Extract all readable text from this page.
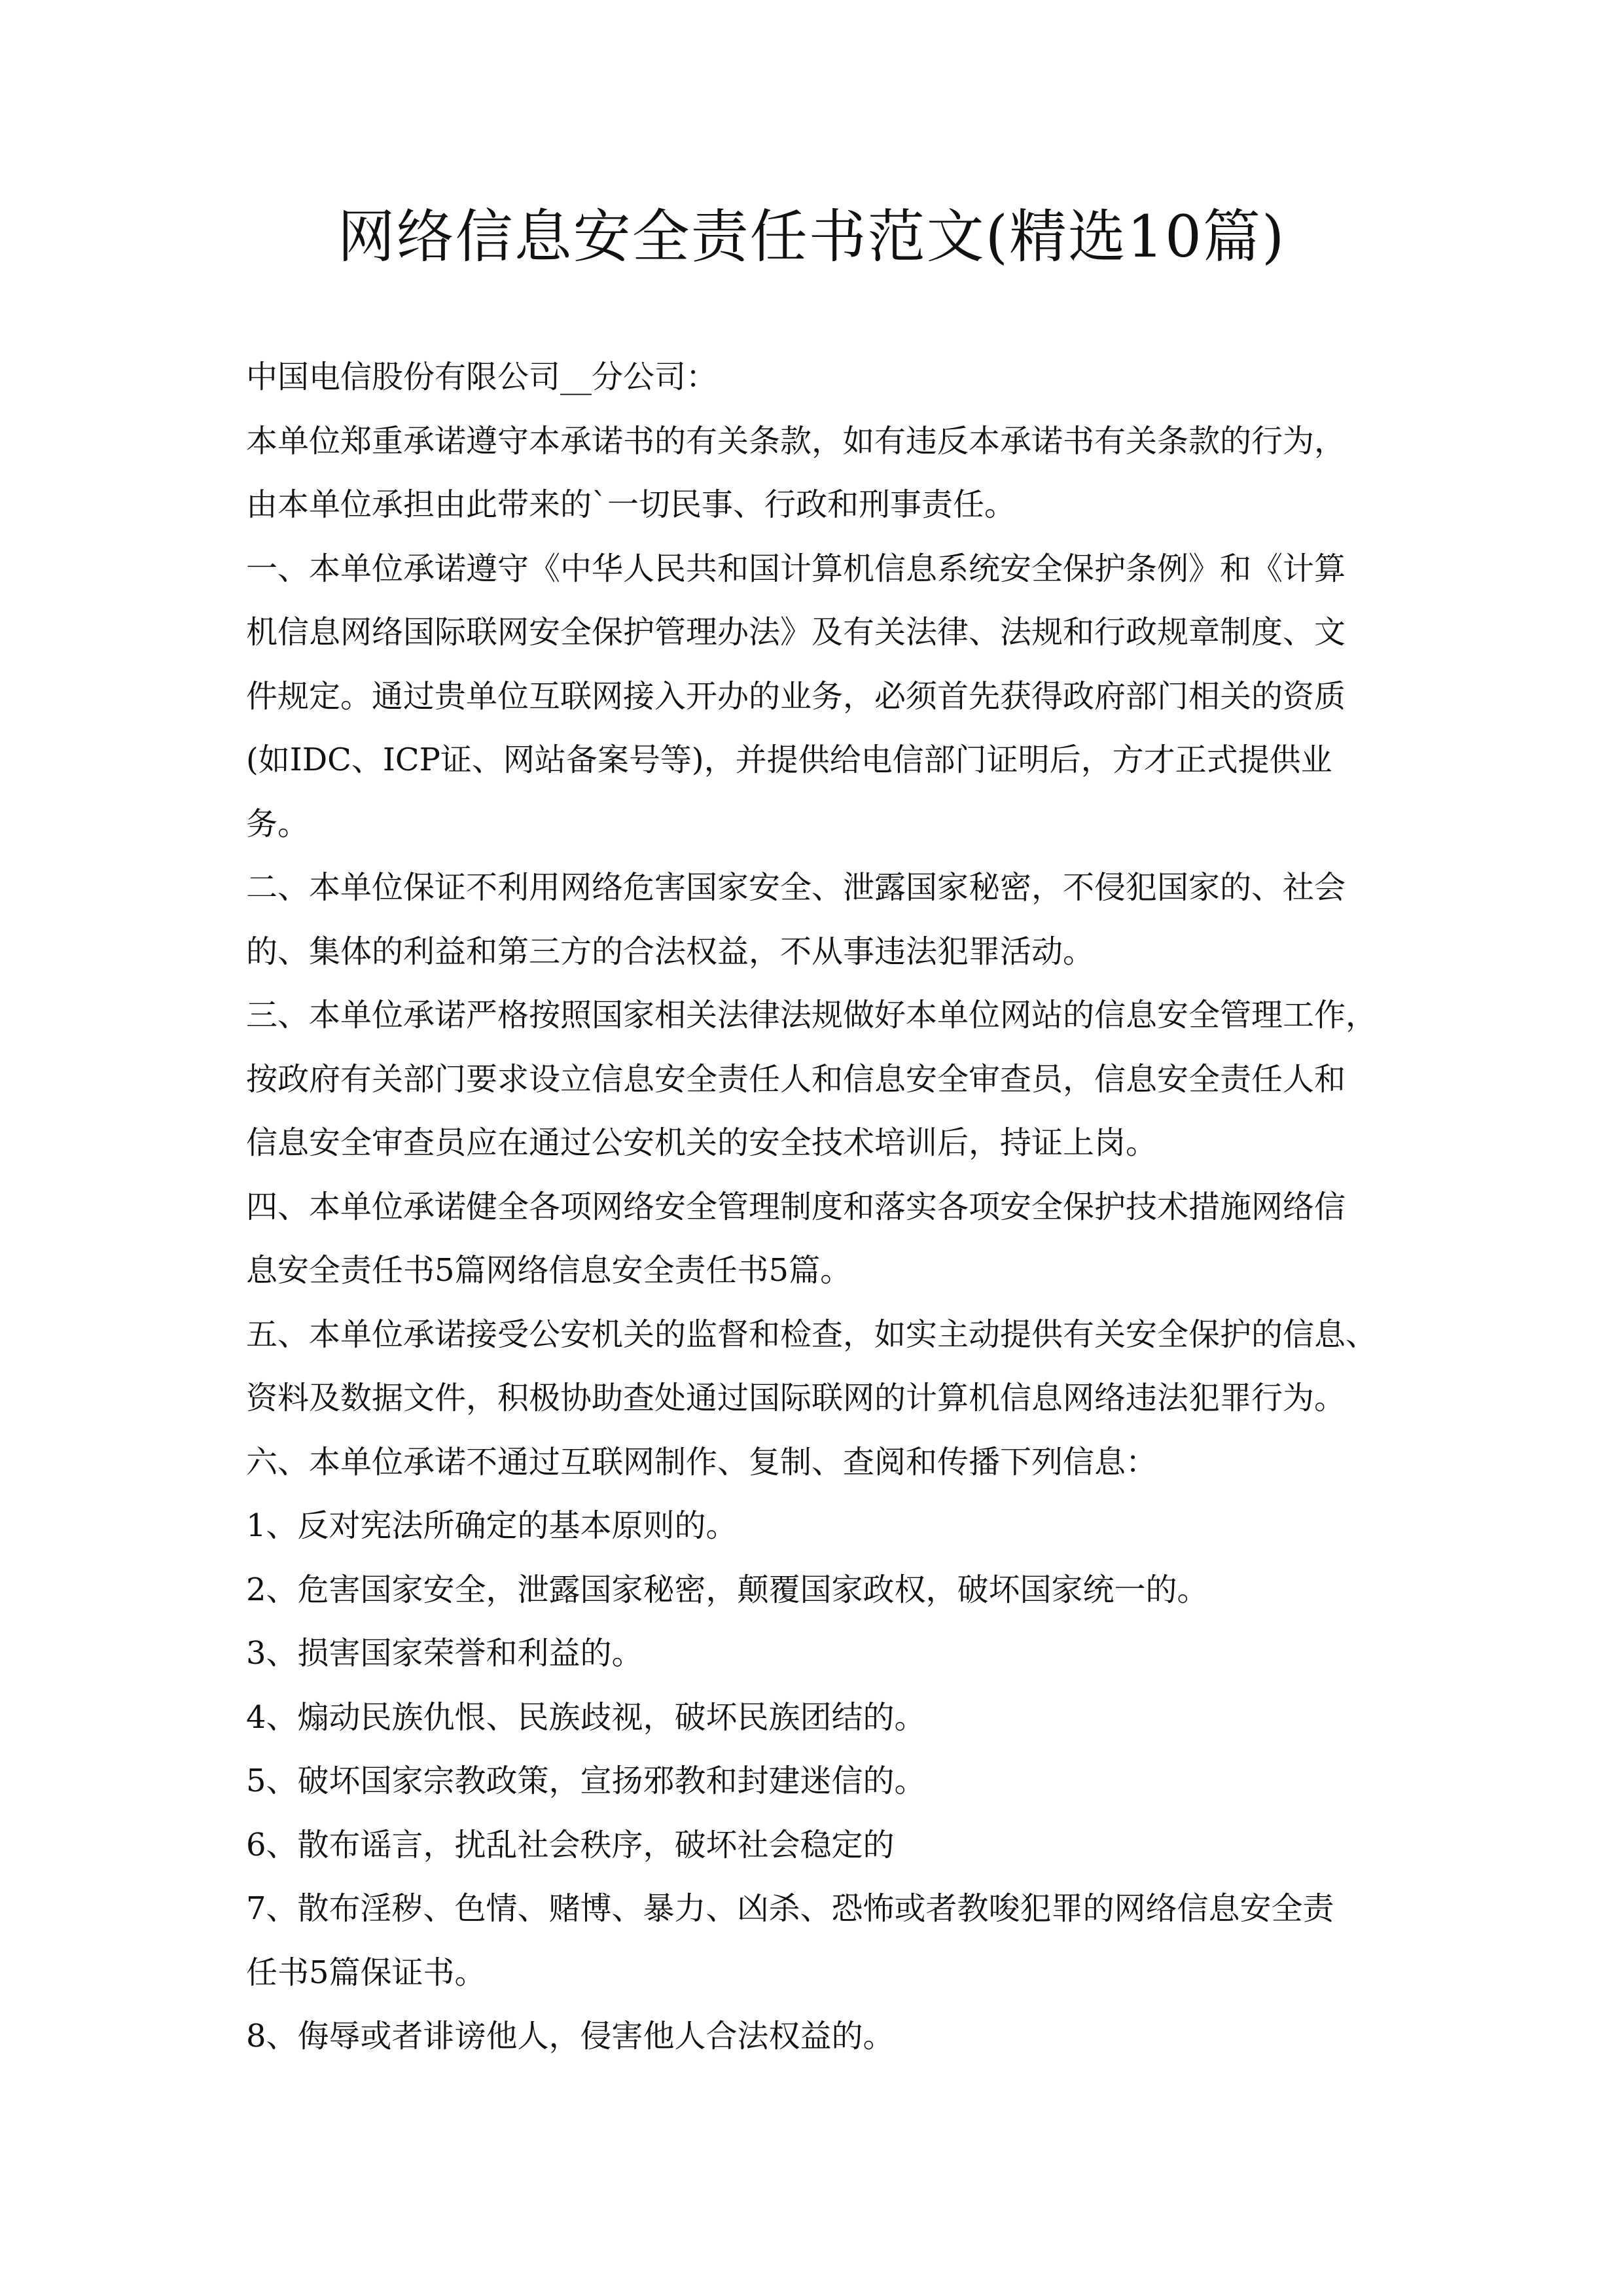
网络信息安全责任书范文(精选10篇)
中国电信股份有限公司__分公司：
本单位郑重承诺遵守本承诺书的有关条款，如有违反本承诺书有关条款的行为，
由本单位承担由此带来的`一切民事、行政和刑事责任。
一、本单位承诺遵守《中华人民共和国计算机信息系统安全保护条例》和《计算
机信息网络国际联网安全保护管理办法》及有关法律、法规和行政规章制度、文
件规定。通过贵单位互联网接入开办的业务，必须首先获得政府部门相关的资质
(如IDC、ICP证、网站备案号等)，并提供给电信部门证明后，方才正式提供业
务。
二、本单位保证不利用网络危害国家安全、泄露国家秘密，不侵犯国家的、社会
的、集体的利益和第三方的合法权益，不从事违法犯罪活动。
三、本单位承诺严格按照国家相关法律法规做好本单位网站的信息安全管理工作，
按政府有关部门要求设立信息安全责任人和信息安全审查员，信息安全责任人和
信息安全审查员应在通过公安机关的安全技术培训后，持证上岗。
四、本单位承诺健全各项网络安全管理制度和落实各项安全保护技术措施网络信
息安全责任书5篇网络信息安全责任书5篇。
五、本单位承诺接受公安机关的监督和检查，如实主动提供有关安全保护的信息、
资料及数据文件，积极协助查处通过国际联网的计算机信息网络违法犯罪行为。
六、本单位承诺不通过互联网制作、复制、查阅和传播下列信息：
1、反对宪法所确定的基本原则的。
2、危害国家安全，泄露国家秘密，颠覆国家政权，破坏国家统一的。
3、损害国家荣誉和利益的。
4、煽动民族仇恨、民族歧视，破坏民族团结的。
5、破坏国家宗教政策，宣扬邪教和封建迷信的。
6、散布谣言，扰乱社会秩序，破坏社会稳定的
7、散布淫秽、色情、赌博、暴力、凶杀、恐怖或者教唆犯罪的网络信息安全责
任书5篇保证书。
8、侮辱或者诽谤他人，侵害他人合法权益的。
